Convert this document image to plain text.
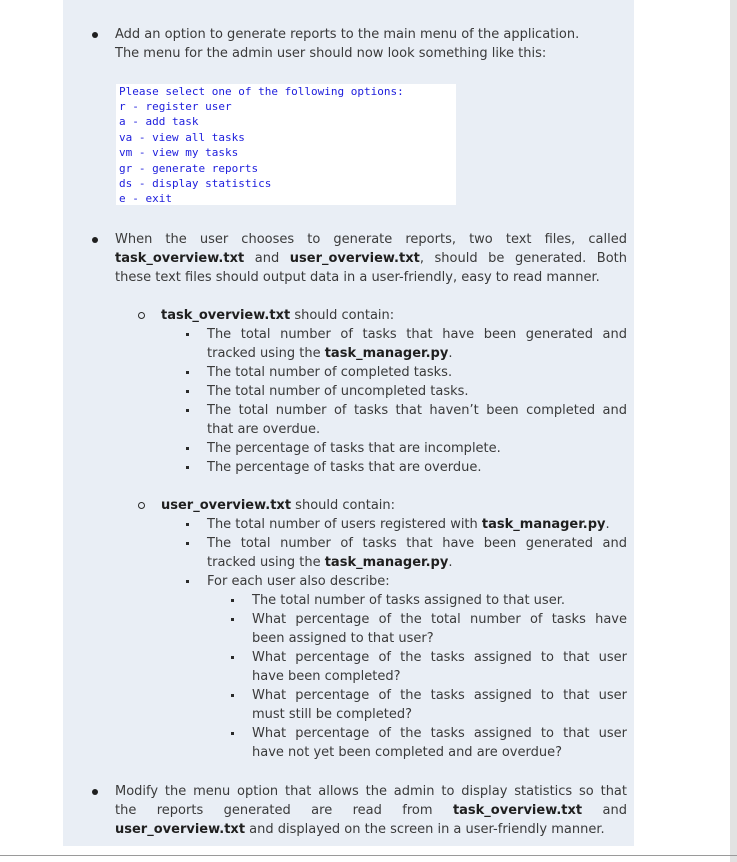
Add an option to generate reports to the main menu of the application.
The menu for the admin user should now look something like this:
Please select one of the following options:
r - register user
a - add task
va - view all tasks
vm - view my tasks
gr - generate reports
ds - display statistics
e - exit
When the user chooses to generate reports, two text files, called
task_overview.txt and user_overview.txt, should be generated. Both
these text files should output data in a user-friendly, easy to read manner.
task_overview.txt should contain:
The total number of tasks that have been generated and
tracked using the task_manager.py.
The total number of completed tasks.
The total number of uncompleted tasks.
The total number of tasks that haven’t been completed and
that are overdue.
The percentage of tasks that are incomplete.
The percentage of tasks that are overdue.
user_overview.txt should contain:
The total number of users registered with task_manager.py.
The total number of tasks that have been generated and
tracked using the task_manager.py.
For each user also describe:
The total number of tasks assigned to that user.
What percentage of the total number of tasks have
been assigned to that user?
What percentage of the tasks assigned to that user
have been completed?
What percentage of the tasks assigned to that user
must still be completed?
What percentage of the tasks assigned to that user
have not yet been completed and are overdue?
Modify the menu option that allows the admin to display statistics so that
the reports generated are read from task_overview.txt and
user_overview.txt and displayed on the screen in a user-friendly manner.
